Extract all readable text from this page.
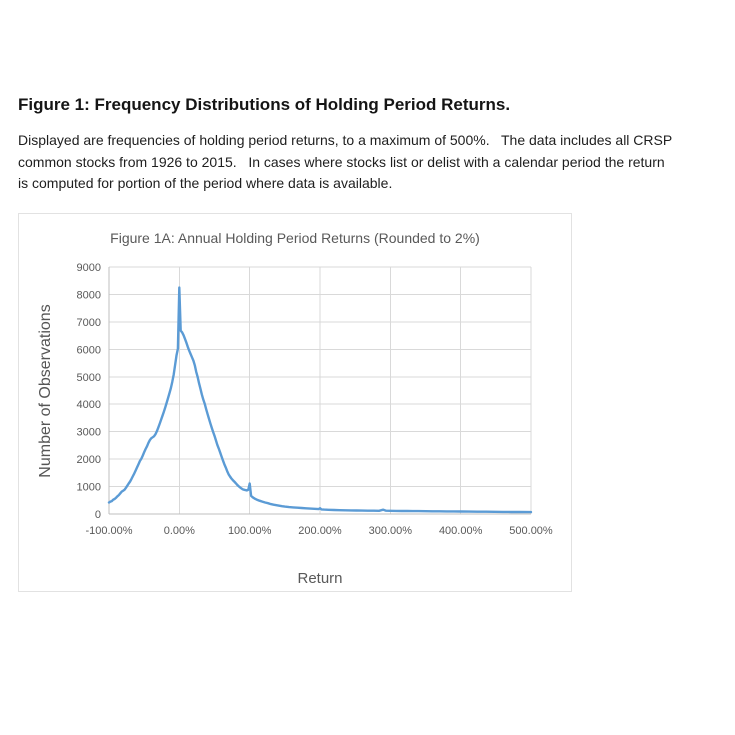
Figure 1: Frequency Distributions of Holding Period Returns.
Displayed are frequencies of holding period returns, to a maximum of 500%.   The data includes all CRSP
common stocks from 1926 to 2015.   In cases where stocks list or delist with a calendar period the return
is computed for portion of the period where data is available.
Figure 1A: Annual Holding Period Returns (Rounded to 2%)
Number of Observations
Return
0
1000
2000
3000
4000
5000
6000
7000
8000
9000
-100.00%	0.00%	100.00% 200.00% 300.00% 400.00% 500.00%
